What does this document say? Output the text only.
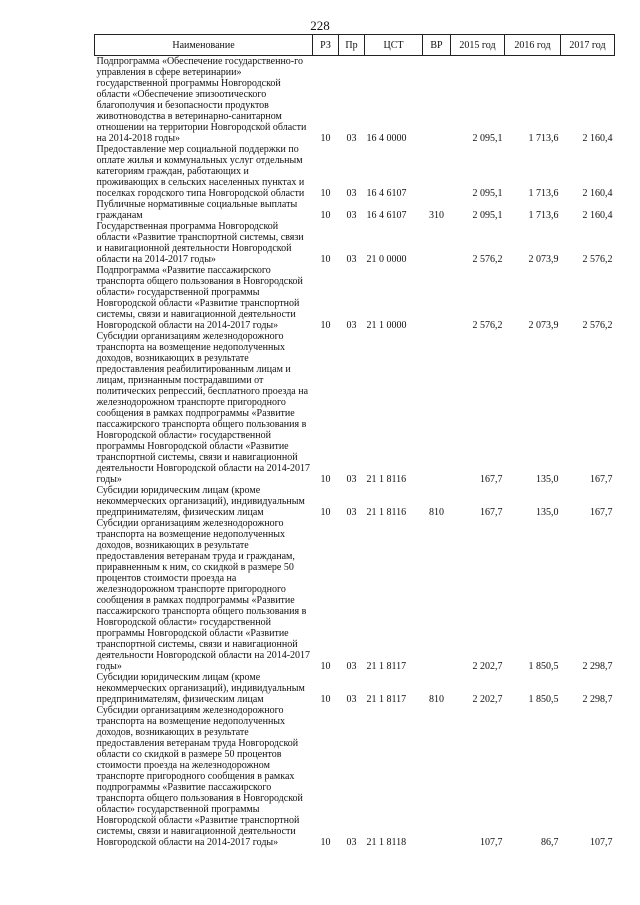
228
Наименование	РЗ	Пр	ЦСТ	ВР	2015 год	2016 год	2017 год
Подпрограмма «Обеспечение государственно-го управления в сфере ветеринарии» государственной программы Новгородской области «Обеспечение эпизоотического благополучия и безопасности продуктов животноводства в ветеринарно-санитарном отношении на территории Новгородской области на 2014-2018 годы»	10	03	16 4 0000		2 095,1	1 713,6	2 160,4
Предоставление мер социальной поддержки по оплате жилья и коммунальных услуг отдельным категориям граждан, работающих и проживающих в сельских населенных пунктах и поселках городского типа Новгородской области	10	03	16 4 6107		2 095,1	1 713,6	2 160,4
Публичные нормативные социальные выплаты гражданам	10	03	16 4 6107	310	2 095,1	1 713,6	2 160,4
Государственная программа Новгородской области «Развитие транспортной системы, связи и навигационной деятельности Новгородской области на 2014-2017 годы»	10	03	21 0 0000		2 576,2	2 073,9	2 576,2
Подпрограмма «Развитие пассажирского транспорта общего пользования в Новгородской области» государственной программы Новгородской области «Развитие транспортной системы, связи и навигационной деятельности Новгородской области на 2014-2017 годы»	10	03	21 1 0000		2 576,2	2 073,9	2 576,2
Субсидии организациям железнодорожного транспорта на возмещение недополученных доходов, возникающих в результате предоставления реабилитированным лицам и лицам, признанным пострадавшими от политических репрессий, бесплатного проезда на железнодорожном транспорте пригородного сообщения в рамках подпрограммы «Развитие пассажирского транспорта общего пользования в Новгородской области» государственной программы Новгородской области «Развитие транспортной системы, связи и навигационной деятельности Новгородской области на 2014-2017 годы»	10	03	21 1 8116		167,7	135,0	167,7
Субсидии юридическим лицам (кроме некоммерческих организаций), индивидуальным предпринимателям, физическим лицам	10	03	21 1 8116	810	167,7	135,0	167,7
Субсидии организациям железнодорожного транспорта на возмещение недополученных доходов, возникающих в результате предоставления ветеранам труда и гражданам, приравненным к ним, со скидкой в размере 50 процентов стоимости проезда на железнодорожном транспорте пригородного сообщения в рамках подпрограммы «Развитие пассажирского транспорта общего пользования в Новгородской области» государственной программы Новгородской области «Развитие транспортной системы, связи и навигационной деятельности Новгородской области на 2014-2017 годы»	10	03	21 1 8117		2 202,7	1 850,5	2 298,7
Субсидии юридическим лицам (кроме некоммерческих организаций), индивидуальным предпринимателям, физическим лицам	10	03	21 1 8117	810	2 202,7	1 850,5	2 298,7
Субсидии организациям железнодорожного транспорта на возмещение недополученных доходов, возникающих в результате предоставления ветеранам труда Новгородской области со скидкой в размере 50 процентов стоимости проезда на железнодорожном транспорте пригородного сообщения в рамках подпрограммы «Развитие пассажирского транспорта общего пользования в Новгородской области» государственной программы Новгородской области «Развитие транспортной системы, связи и навигационной деятельности Новгородской области на 2014-2017 годы»	10	03	21 1 8118		107,7	86,7	107,7
